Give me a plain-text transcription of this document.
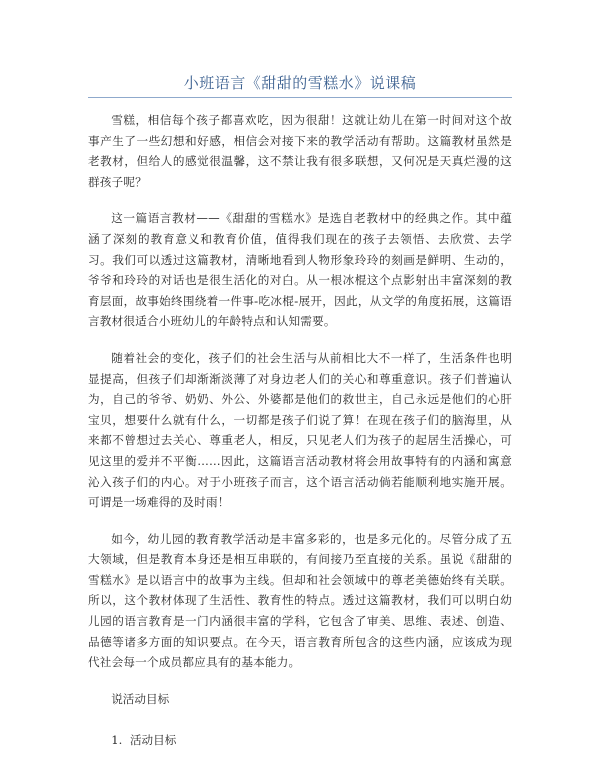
小班语言《甜甜的雪糕水》说课稿

雪糕，相信每个孩子都喜欢吃，因为很甜！这就让幼儿在第一时间对这个故事产生了一些幻想和好感，相信会对接下来的教学活动有帮助。这篇教材虽然是老教材，但给人的感觉很温馨，这不禁让我有很多联想，又何况是天真烂漫的这群孩子呢？

这一篇语言教材——《甜甜的雪糕水》是选自老教材中的经典之作。其中蕴涵了深刻的教育意义和教育价值，值得我们现在的孩子去领悟、去欣赏、去学习。我们可以透过这篇教材，清晰地看到人物形象玲玲的刻画是鲜明、生动的，爷爷和玲玲的对话也是很生活化的对白。从一根冰棍这个点影射出丰富深刻的教育层面，故事始终围绕着一件事-吃冰棍-展开，因此，从文学的角度拓展，这篇语言教材很适合小班幼儿的年龄特点和认知需要。

随着社会的变化，孩子们的社会生活与从前相比大不一样了，生活条件也明显提高，但孩子们却渐渐淡薄了对身边老人们的关心和尊重意识。孩子们普遍认为，自己的爷爷、奶奶、外公、外婆都是他们的救世主，自己永远是他们的心肝宝贝，想要什么就有什么，一切都是孩子们说了算！在现在孩子们的脑海里，从来都不曾想过去关心、尊重老人，相反，只见老人们为孩子的起居生活操心，可见这里的爱并不平衡……因此，这篇语言活动教材将会用故事特有的内涵和寓意沁入孩子们的内心。对于小班孩子而言，这个语言活动倘若能顺利地实施开展。可谓是一场难得的及时雨！

如今，幼儿园的教育教学活动是丰富多彩的，也是多元化的。尽管分成了五大领域，但是教育本身还是相互串联的，有间接乃至直接的关系。虽说《甜甜的雪糕水》是以语言中的故事为主线。但却和社会领域中的尊老美德始终有关联。所以，这个教材体现了生活性、教育性的特点。透过这篇教材，我们可以明白幼儿园的语言教育是一门内涵很丰富的学科，它包含了审美、思维、表述、创造、品德等诸多方面的知识要点。在今天，语言教育所包含的这些内涵，应该成为现代社会每一个成员都应具有的基本能力。

说活动目标

1. 活动目标
